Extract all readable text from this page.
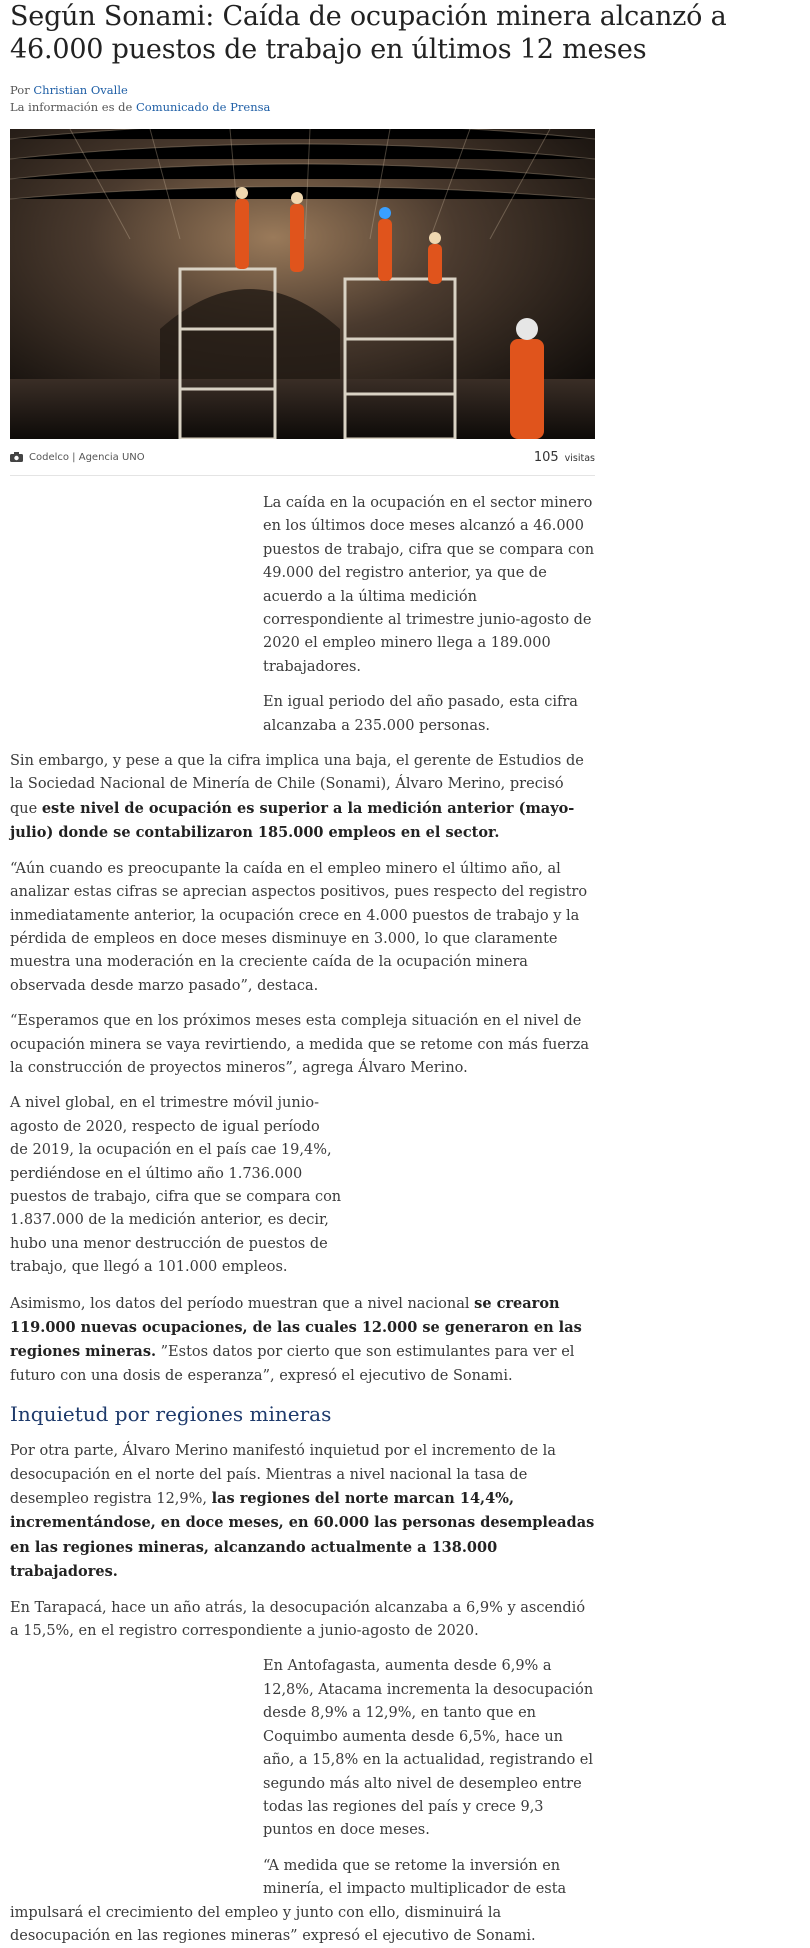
Según Sonami: Caída de ocupación minera alcanzó a 46.000 puestos de trabajo en últimos 12 meses
Por Christian Ovalle
La información es de Comunicado de Prensa
Codelco | Agencia UNO	105 visitas

La caída en la ocupación en el sector minero en los últimos doce meses alcanzó a 46.000 puestos de trabajo, cifra que se compara con 49.000 del registro anterior, ya que de acuerdo a la última medición correspondiente al trimestre junio-agosto de 2020 el empleo minero llega a 189.000 trabajadores.

En igual periodo del año pasado, esta cifra alcanzaba a 235.000 personas.

Sin embargo, y pese a que la cifra implica una baja, el gerente de Estudios de la Sociedad Nacional de Minería de Chile (Sonami), Álvaro Merino, precisó que este nivel de ocupación es superior a la medición anterior (mayo-julio) donde se contabilizaron 185.000 empleos en el sector.

“Aún cuando es preocupante la caída en el empleo minero el último año, al analizar estas cifras se aprecian aspectos positivos, pues respecto del registro inmediatamente anterior, la ocupación crece en 4.000 puestos de trabajo y la pérdida de empleos en doce meses disminuye en 3.000, lo que claramente muestra una moderación en la creciente caída de la ocupación minera observada desde marzo pasado”, destaca.

“Esperamos que en los próximos meses esta compleja situación en el nivel de ocupación minera se vaya revirtiendo, a medida que se retome con más fuerza la construcción de proyectos mineros”, agrega Álvaro Merino.

A nivel global, en el trimestre móvil junio-agosto de 2020, respecto de igual período de 2019, la ocupación en el país cae 19,4%, perdiéndose en el último año 1.736.000 puestos de trabajo, cifra que se compara con 1.837.000 de la medición anterior, es decir, hubo una menor destrucción de puestos de trabajo, que llegó a 101.000 empleos.

Asimismo, los datos del período muestran que a nivel nacional se crearon 119.000 nuevas ocupaciones, de las cuales 12.000 se generaron en las regiones mineras. ”Estos datos por cierto que son estimulantes para ver el futuro con una dosis de esperanza”, expresó el ejecutivo de Sonami.

Inquietud por regiones mineras

Por otra parte, Álvaro Merino manifestó inquietud por el incremento de la desocupación en el norte del país. Mientras a nivel nacional la tasa de desempleo registra 12,9%, las regiones del norte marcan 14,4%, incrementándose, en doce meses, en 60.000 las personas desempleadas en las regiones mineras, alcanzando actualmente a 138.000 trabajadores.

En Tarapacá, hace un año atrás, la desocupación alcanzaba a 6,9% y ascendió a 15,5%, en el registro correspondiente a junio-agosto de 2020.

En Antofagasta, aumenta desde 6,9% a 12,8%, Atacama incrementa la desocupación desde 8,9% a 12,9%, en tanto que en Coquimbo aumenta desde 6,5%, hace un año, a 15,8% en la actualidad, registrando el segundo más alto nivel de desempleo entre todas las regiones del país y crece 9,3 puntos en doce meses.

“A medida que se retome la inversión en minería, el impacto multiplicador de esta
impulsará el crecimiento del empleo y junto con ello, disminuirá la desocupación en las regiones mineras” expresó el ejecutivo de Sonami.
